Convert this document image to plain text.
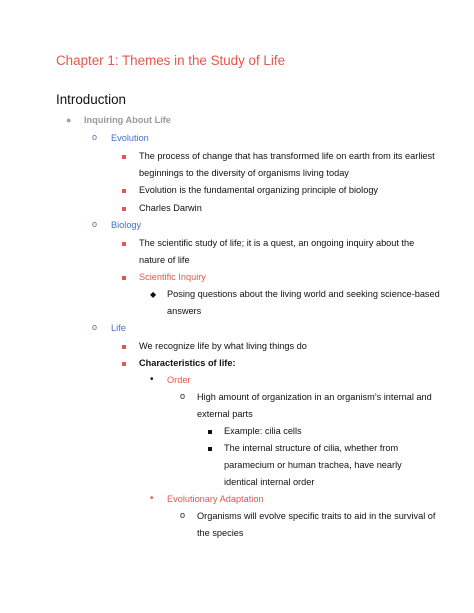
Chapter 1: Themes in the Study of Life
Introduction
● Inquiring About Life
o Evolution
The process of change that has transformed life on earth from its earliest
beginnings to the diversity of organisms living today
Evolution is the fundamental organizing principle of biology
Charles Darwin
o Biology
The scientific study of life; it is a quest, an ongoing inquiry about the
nature of life
Scientific Inquiry
◆ Posing questions about the living world and seeking science-based
answers
o Life
We recognize life by what living things do
Characteristics of life:
• Order
o High amount of organization in an organism’s internal and
external parts
Example: cilia cells
The internal structure of cilia, whether from
paramecium or human trachea, have nearly
identical internal order
• Evolutionary Adaptation
o Organisms will evolve specific traits to aid in the survival of
the species
